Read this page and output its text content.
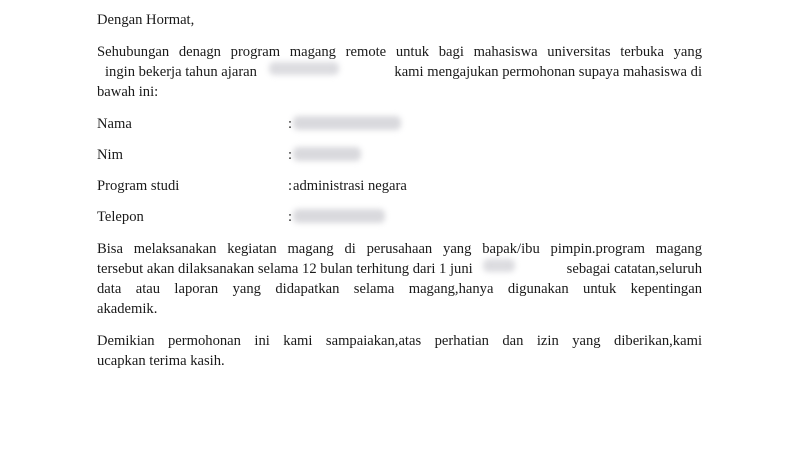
Dengan Hormat,
Sehubungan denagn program magang remote untuk bagi mahasiswa universitas terbuka yang
ingin bekerja tahun ajaran	kami mengajukan permohonan supaya mahasiswa di
bawah ini:
Nama	:
Nim	:
Program studi	: administrasi negara
Telepon	:
Bisa melaksanakan kegiatan magang di perusahaan yang bapak/ibu pimpin.program magang
tersebut akan dilaksanakan selama 12 bulan terhitung dari 1 juni	sebagai catatan,seluruh
data atau laporan yang didapatkan selama magang,hanya digunakan untuk kepentingan
akademik.
Demikian permohonan ini kami sampaiakan,atas perhatian dan izin yang diberikan,kami
ucapkan terima kasih.
